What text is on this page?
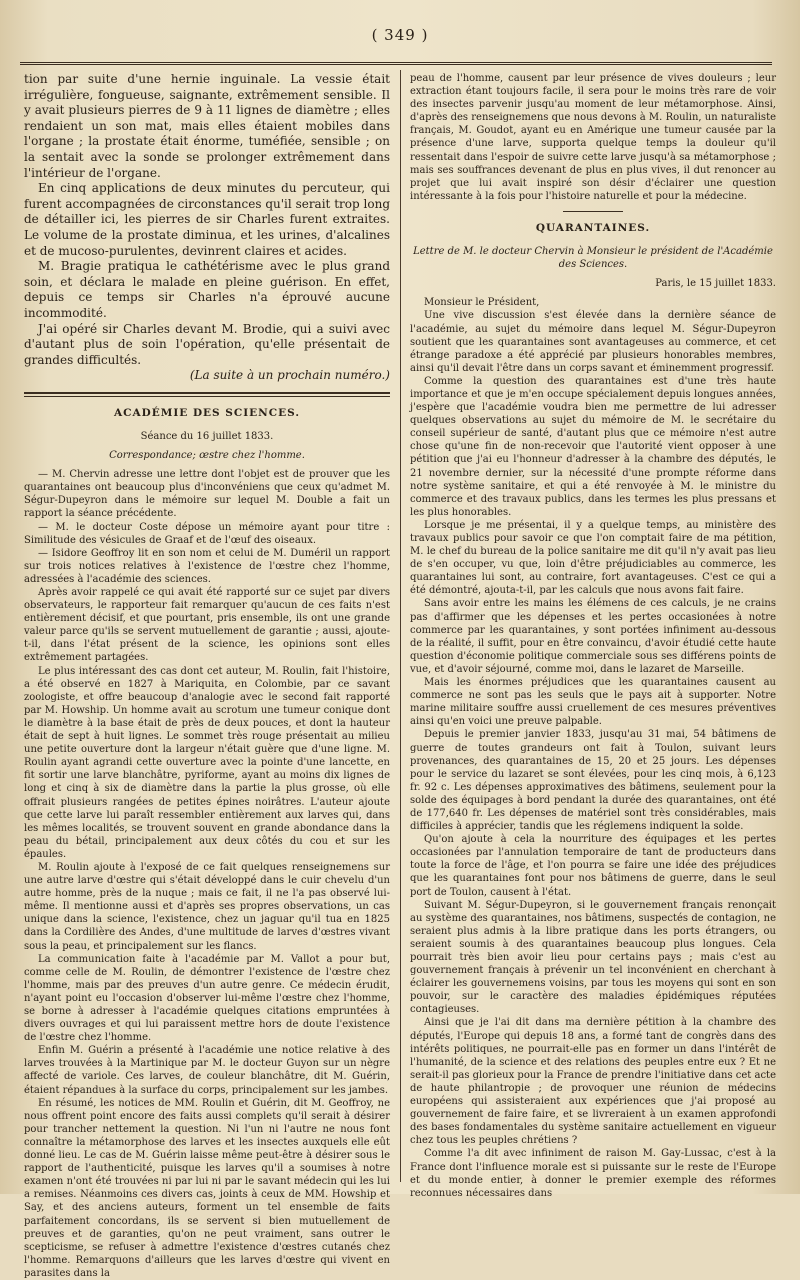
( 349 )

tion par suite d'une hernie inguinale. La vessie était irrégulière, fongueuse, saignante, extrêmement sensible. Il y avait plusieurs pierres de 9 à 11 lignes de diamètre ; elles rendaient un son mat, mais elles étaient mobiles dans l'organe ; la prostate était énorme, tuméfiée, sensible ; on la sentait avec la sonde se prolonger extrêmement dans l'intérieur de l'organe.

En cinq applications de deux minutes du percuteur, qui furent accompagnées de circonstances qu'il serait trop long de détailler ici, les pierres de sir Charles furent extraites. Le volume de la prostate diminua, et les urines, d'alcalines et de mucoso-purulentes, devinrent claires et acides.

M. Bragie pratiqua le cathétérisme avec le plus grand soin, et déclara le malade en pleine guérison. En effet, depuis ce temps sir Charles n'a éprouvé aucune incommodité.

J'ai opéré sir Charles devant M. Brodie, qui a suivi avec d'autant plus de soin l'opération, qu'elle présentait de grandes difficultés.

(La suite à un prochain numéro.)

ACADÉMIE DES SCIENCES.

Séance du 16 juillet 1833.

Correspondance; œstre chez l'homme.

— M. Chervin adresse une lettre dont l'objet est de prouver que les quarantaines ont beaucoup plus d'inconvéniens que ceux qu'admet M. Ségur-Dupeyron dans le mémoire sur lequel M. Double a fait un rapport la séance précédente.

— M. le docteur Coste dépose un mémoire ayant pour titre : Similitude des vésicules de Graaf et de l'œuf des oiseaux.

— Isidore Geoffroy lit en son nom et celui de M. Duméril un rapport sur trois notices relatives à l'existence de l'œstre chez l'homme, adressées à l'académie des sciences.

Après avoir rappelé ce qui avait été rapporté sur ce sujet par divers observateurs, le rapporteur fait remarquer qu'aucun de ces faits n'est entièrement décisif, et que pourtant, pris ensemble, ils ont une grande valeur parce qu'ils se servent mutuellement de garantie ; aussi, ajoute-t-il, dans l'état présent de la science, les opinions sont elles extrêmement partagées.

Le plus intéressant des cas dont cet auteur, M. Roulin, fait l'histoire, a été observé en 1827 à Mariquita, en Colombie, par ce savant zoologiste, et offre beaucoup d'analogie avec le second fait rapporté par M. Howship. Un homme avait au scrotum une tumeur conique dont le diamètre à la base était de près de deux pouces, et dont la hauteur était de sept à huit lignes. Le sommet très rouge présentait au milieu une petite ouverture dont la largeur n'était guère que d'une ligne. M. Roulin ayant agrandi cette ouverture avec la pointe d'une lancette, en fit sortir une larve blanchâtre, pyriforme, ayant au moins dix lignes de long et cinq à six de diamètre dans la partie la plus grosse, où elle offrait plusieurs rangées de petites épines noirâtres. L'auteur ajoute que cette larve lui paraît ressembler entièrement aux larves qui, dans les mêmes localités, se trouvent souvent en grande abondance dans la peau du bétail, principalement aux deux côtés du cou et sur les épaules.

M. Roulin ajoute à l'exposé de ce fait quelques renseignemens sur une autre larve d'œstre qui s'était développé dans le cuir chevelu d'un autre homme, près de la nuque ; mais ce fait, il ne l'a pas observé lui-même. Il mentionne aussi et d'après ses propres observations, un cas unique dans la science, l'existence, chez un jaguar qu'il tua en 1825 dans la Cordilière des Andes, d'une multitude de larves d'œstres vivant sous la peau, et principalement sur les flancs.

La communication faite à l'académie par M. Vallot a pour but, comme celle de M. Roulin, de démontrer l'existence de l'œstre chez l'homme, mais par des preuves d'un autre genre. Ce médecin érudit, n'ayant point eu l'occasion d'observer lui-même l'œstre chez l'homme, se borne à adresser à l'académie quelques citations empruntées à divers ouvrages et qui lui paraissent mettre hors de doute l'existence de l'œstre chez l'homme.

Enfin M. Guérin a présenté à l'académie une notice relative à des larves trouvées à la Martinique par M. le docteur Guyon sur un nègre affecté de variole. Ces larves, de couleur blanchâtre, dit M. Guérin, étaient répandues à la surface du corps, principalement sur les jambes.

En résumé, les notices de MM. Roulin et Guérin, dit M. Geoffroy, ne nous offrent point encore des faits aussi complets qu'il serait à désirer pour trancher nettement la question. Ni l'un ni l'autre ne nous font connaître la métamorphose des larves et les insectes auxquels elle eût donné lieu. Le cas de M. Guérin laisse même peut-être à désirer sous le rapport de l'authenticité, puisque les larves qu'il a soumises à notre examen n'ont été trouvées ni par lui ni par le savant médecin qui les lui a remises. Néanmoins ces divers cas, joints à ceux de MM. Howship et Say, et des anciens auteurs, forment un tel ensemble de faits parfaitement concordans, ils se servent si bien mutuellement de preuves et de garanties, qu'on ne peut vraiment, sans outrer le scepticisme, se refuser à admettre l'existence d'œstres cutanés chez l'homme. Remarquons d'ailleurs que les larves d'œstre qui vivent en parasites dans la

peau de l'homme, causent par leur présence de vives douleurs ; leur extraction étant toujours facile, il sera pour le moins très rare de voir des insectes parvenir jusqu'au moment de leur métamorphose. Ainsi, d'après des renseignemens que nous devons à M. Roulin, un naturaliste français, M. Goudot, ayant eu en Amérique une tumeur causée par la présence d'une larve, supporta quelque temps la douleur qu'il ressentait dans l'espoir de suivre cette larve jusqu'à sa métamorphose ; mais ses souffrances devenant de plus en plus vives, il dut renoncer au projet que lui avait inspiré son désir d'éclairer une question intéressante à la fois pour l'histoire naturelle et pour la médecine.

QUARANTAINES.

Lettre de M. le docteur Chervin à Monsieur le président de l'Académie des Sciences.

Paris, le 15 juillet 1833.

Monsieur le Président,

Une vive discussion s'est élevée dans la dernière séance de l'académie, au sujet du mémoire dans lequel M. Ségur-Dupeyron soutient que les quarantaines sont avantageuses au commerce, et cet étrange paradoxe a été apprécié par plusieurs honorables membres, ainsi qu'il devait l'être dans un corps savant et éminemment progressif.

Comme la question des quarantaines est d'une très haute importance et que je m'en occupe spécialement depuis longues années, j'espère que l'académie voudra bien me permettre de lui adresser quelques observations au sujet du mémoire de M. le secrétaire du conseil supérieur de santé, d'autant plus que ce mémoire n'est autre chose qu'une fin de non-recevoir que l'autorité vient opposer à une pétition que j'ai eu l'honneur d'adresser à la chambre des députés, le 21 novembre dernier, sur la nécessité d'une prompte réforme dans notre système sanitaire, et qui a été renvoyée à M. le ministre du commerce et des travaux publics, dans les termes les plus pressans et les plus honorables.

Lorsque je me présentai, il y a quelque temps, au ministère des travaux publics pour savoir ce que l'on comptait faire de ma pétition, M. le chef du bureau de la police sanitaire me dit qu'il n'y avait pas lieu de s'en occuper, vu que, loin d'être préjudiciables au commerce, les quarantaines lui sont, au contraire, fort avantageuses. C'est ce qui a été démontré, ajouta-t-il, par les calculs que nous avons fait faire.

Sans avoir entre les mains les élémens de ces calculs, je ne crains pas d'affirmer que les dépenses et les pertes occasionées à notre commerce par les quarantaines, y sont portées infiniment au-dessous de la réalité, il suffit, pour en être convaincu, d'avoir étudié cette haute question d'économie politique commerciale sous ses différens points de vue, et d'avoir séjourné, comme moi, dans le lazaret de Marseille.

Mais les énormes préjudices que les quarantaines causent au commerce ne sont pas les seuls que le pays ait à supporter. Notre marine militaire souffre aussi cruellement de ces mesures préventives ainsi qu'en voici une preuve palpable.

Depuis le premier janvier 1833, jusqu'au 31 mai, 54 bâtimens de guerre de toutes grandeurs ont fait à Toulon, suivant leurs provenances, des quarantaines de 15, 20 et 25 jours. Les dépenses pour le service du lazaret se sont élevées, pour les cinq mois, à 6,123 fr. 92 c. Les dépenses approximatives des bâtimens, seulement pour la solde des équipages à bord pendant la durée des quarantaines, ont été de 177,640 fr. Les dépenses de matériel sont très considérables, mais difficiles à apprécier, tandis que les réglemens indiquent la solde.

Qu'on ajoute à cela la nourriture des équipages et les pertes occasionées par l'annulation temporaire de tant de producteurs dans toute la force de l'âge, et l'on pourra se faire une idée des préjudices que les quarantaines font pour nos bâtimens de guerre, dans le seul port de Toulon, causent à l'état.

Suivant M. Ségur-Dupeyron, si le gouvernement français renonçait au système des quarantaines, nos bâtimens, suspectés de contagion, ne seraient plus admis à la libre pratique dans les ports étrangers, ou seraient soumis à des quarantaines beaucoup plus longues. Cela pourrait très bien avoir lieu pour certains pays ; mais c'est au gouvernement français à prévenir un tel inconvénient en cherchant à éclairer les gouvernemens voisins, par tous les moyens qui sont en son pouvoir, sur le caractère des maladies épidémiques réputées contagieuses.

Ainsi que je l'ai dit dans ma dernière pétition à la chambre des députés, l'Europe qui depuis 18 ans, a formé tant de congrès dans des intérêts politiques, ne pourrait-elle pas en former un dans l'intérêt de l'humanité, de la science et des relations des peuples entre eux ? Et ne serait-il pas glorieux pour la France de prendre l'initiative dans cet acte de haute philantropie ; de provoquer une réunion de médecins européens qui assisteraient aux expériences que j'ai proposé au gouvernement de faire faire, et se livreraient à un examen approfondi des bases fondamentales du système sanitaire actuellement en vigueur chez tous les peuples chrétiens ?

Comme l'a dit avec infiniment de raison M. Gay-Lussac, c'est à la France dont l'influence morale est si puissante sur le reste de l'Europe et du monde entier, à donner le premier exemple des réformes reconnues nécessaires dans
